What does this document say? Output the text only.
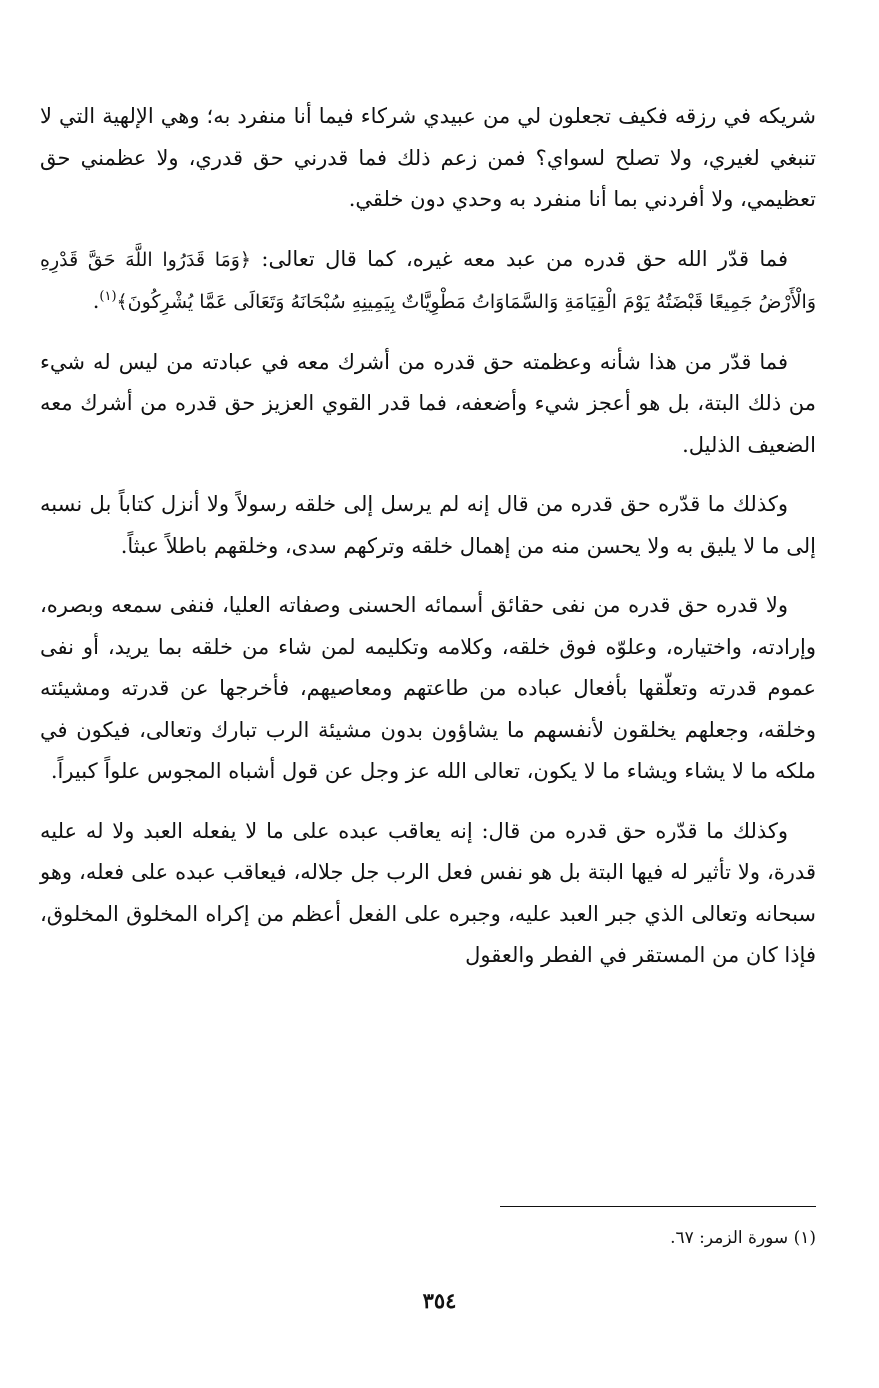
شريكه في رزقه فكيف تجعلون لي من عبيدي شركاء فيما أنا منفرد به؛ وهي الإلهية التي لا تنبغي لغيري، ولا تصلح لسواي؟ فمن زعم ذلك فما قدرني حق قدري، ولا عظمني حق تعظيمي، ولا أفردني بما أنا منفرد به وحدي دون خلقي.

فما قدّر الله حق قدره من عبد معه غيره، كما قال تعالى: ﴿وَمَا قَدَرُوا اللَّهَ حَقَّ قَدْرِهِ وَالْأَرْضُ جَمِيعًا قَبْضَتُهُ يَوْمَ الْقِيَامَةِ وَالسَّمَاوَاتُ مَطْوِيَّاتٌ بِيَمِينِهِ سُبْحَانَهُ وَتَعَالَى عَمَّا يُشْرِكُونَ﴾$^{(١)}$.

فما قدّر من هذا شأنه وعظمته حق قدره من أشرك معه في عبادته من ليس له شيء من ذلك البتة، بل هو أعجز شيء وأضعفه، فما قدر القوي العزيز حق قدره من أشرك معه الضعيف الذليل.

وكذلك ما قدّره حق قدره من قال إنه لم يرسل إلى خلقه رسولاً ولا أنزل كتاباً بل نسبه إلى ما لا يليق به ولا يحسن منه من إهمال خلقه وتركهم سدى، وخلقهم باطلاً عبثاً.

ولا قدره حق قدره من نفى حقائق أسمائه الحسنى وصفاته العليا، فنفى سمعه وبصره، وإرادته، واختياره، وعلوّه فوق خلقه، وكلامه وتكليمه لمن شاء من خلقه بما يريد، أو نفى عموم قدرته وتعلّقها بأفعال عباده من طاعتهم ومعاصيهم، فأخرجها عن قدرته ومشيئته وخلقه، وجعلهم يخلقون لأنفسهم ما يشاؤون بدون مشيئة الرب تبارك وتعالى، فيكون في ملكه ما لا يشاء ويشاء ما لا يكون، تعالى الله عز وجل عن قول أشباه المجوس علواً كبيراً.

وكذلك ما قدّره حق قدره من قال: إنه يعاقب عبده على ما لا يفعله العبد ولا له عليه قدرة، ولا تأثير له فيها البتة بل هو نفس فعل الرب جل جلاله، فيعاقب عبده على فعله، وهو سبحانه وتعالى الذي جبر العبد عليه، وجبره على الفعل أعظم من إكراه المخلوق المخلوق، فإذا كان من المستقر في الفطر والعقول

(١) سورة الزمر: ٦٧.
٣٥٤
